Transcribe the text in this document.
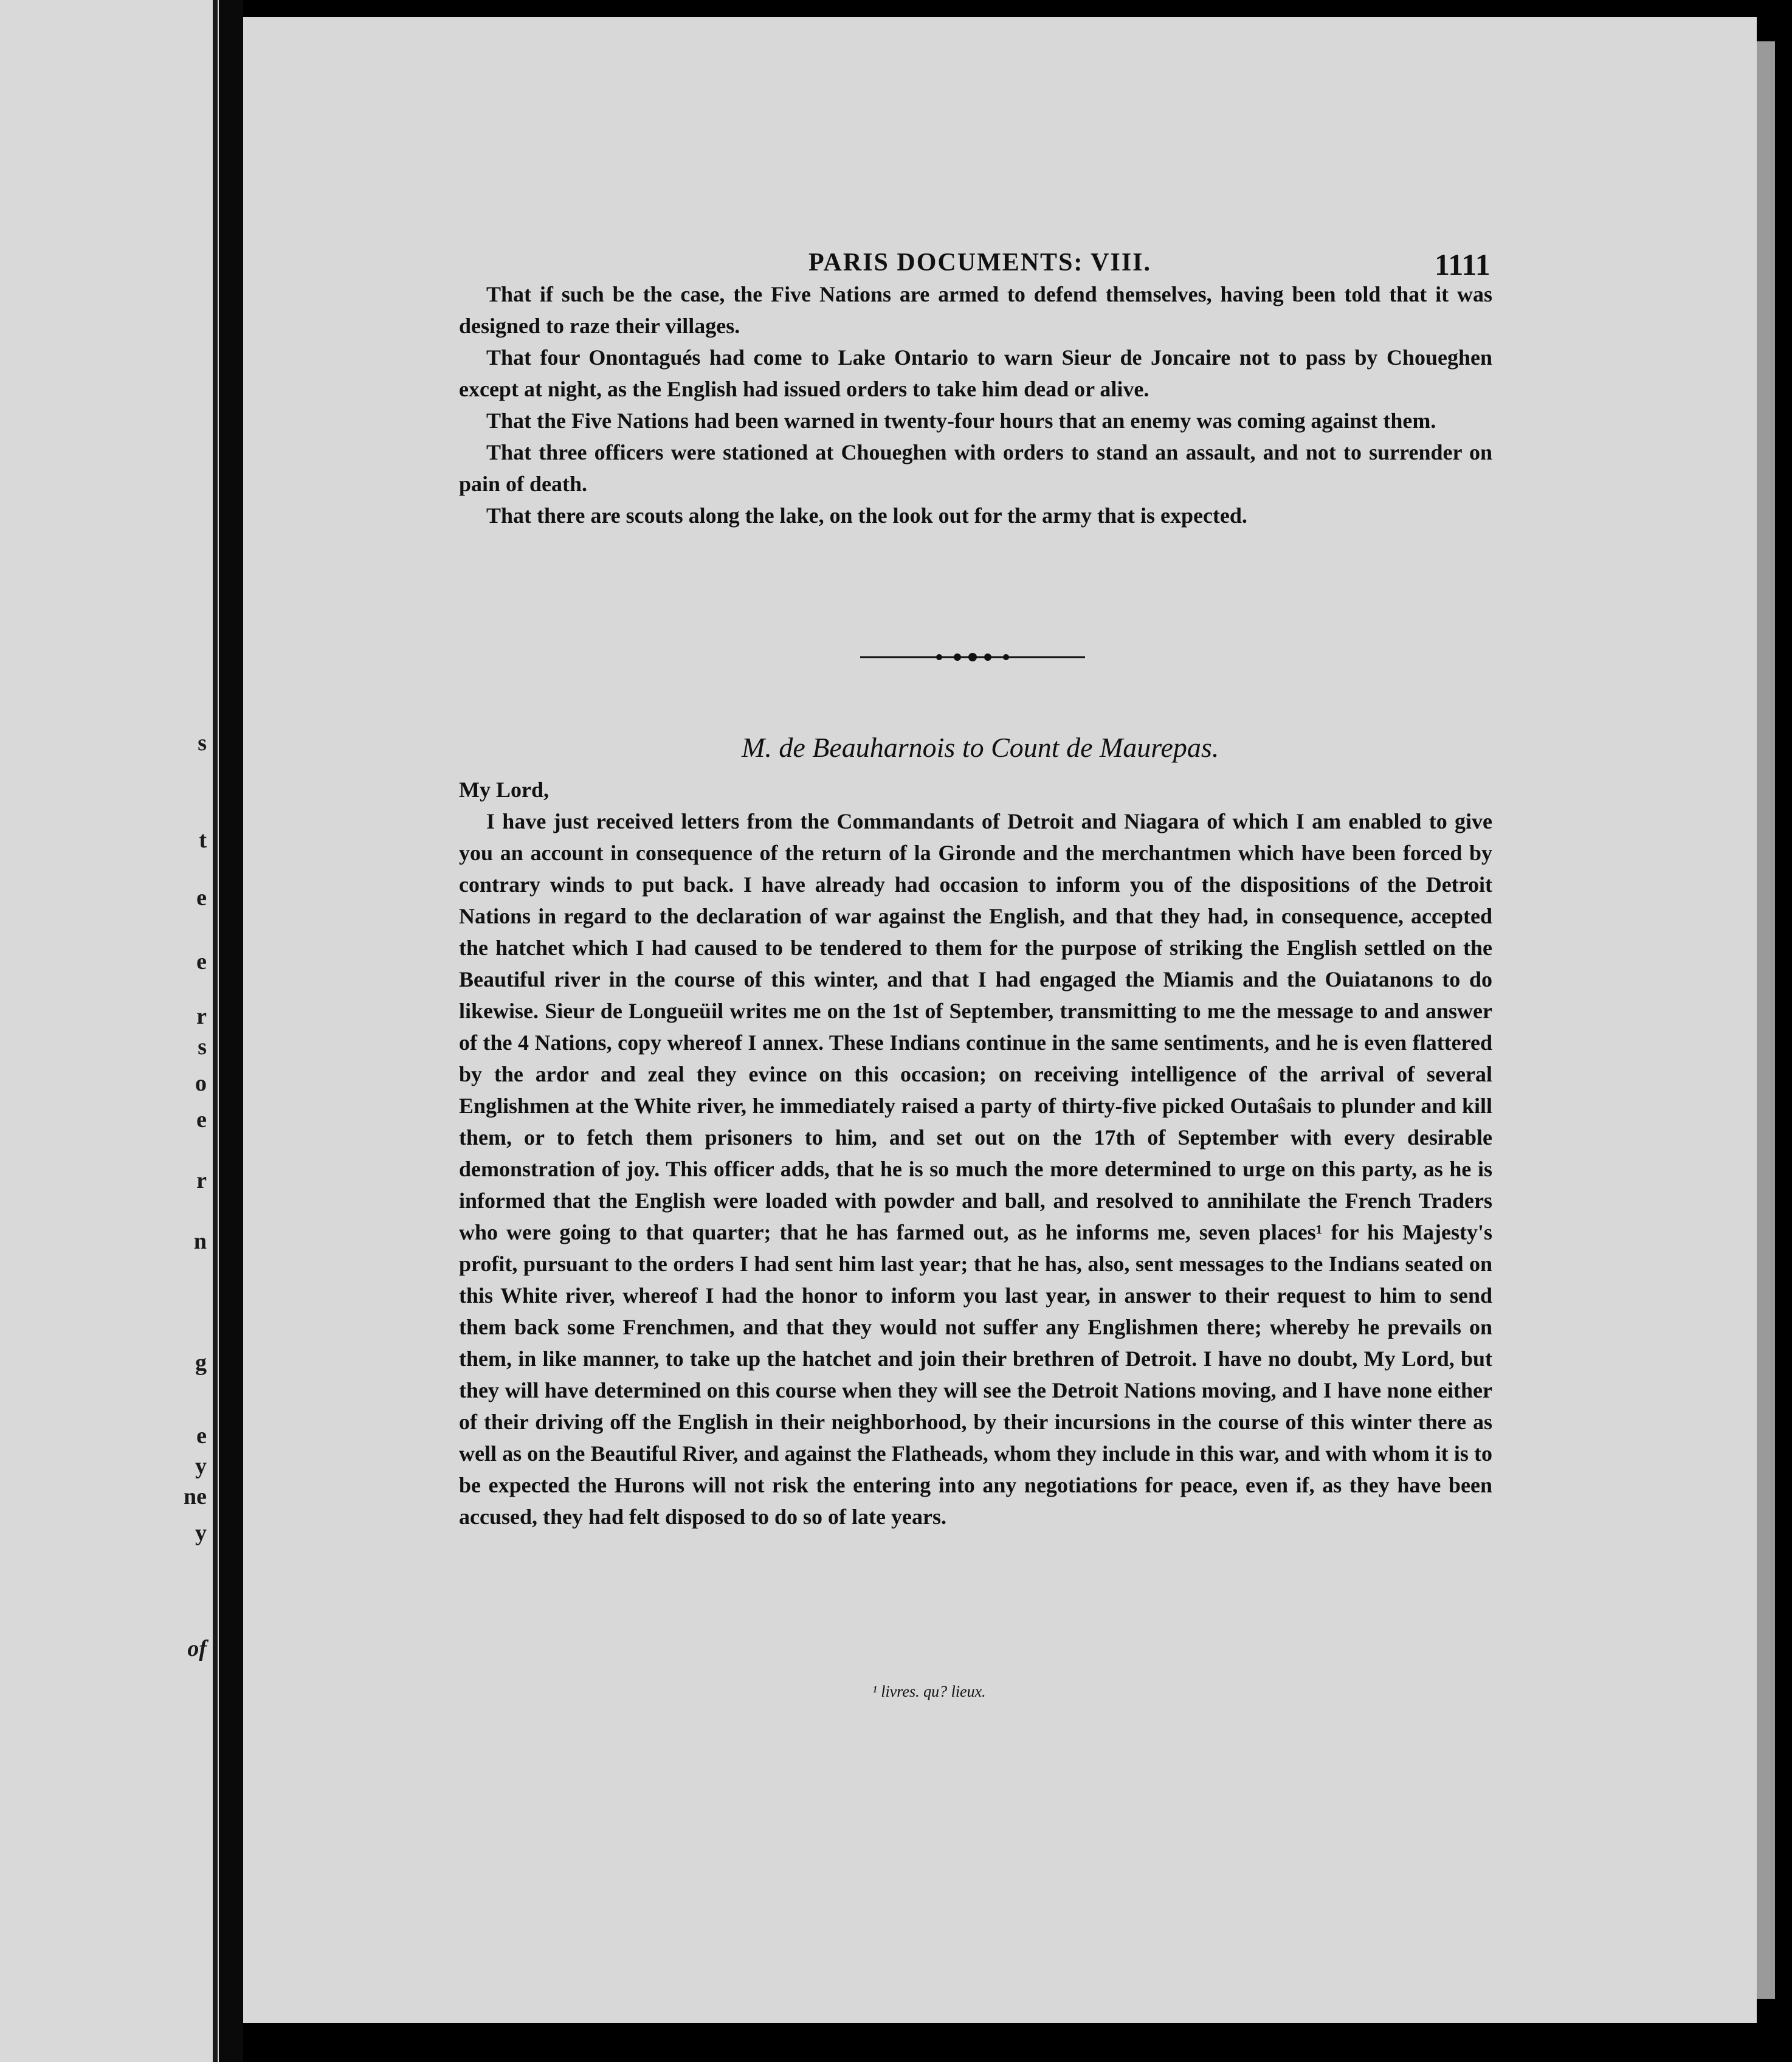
s
t
e
e
r
s
o
e
r
n
g
e
y
ne
y
of
PARIS DOCUMENTS: VIII.	1111

That if such be the case, the Five Nations are armed to defend themselves, having been told that it was designed to raze their villages.

That four Onontagués had come to Lake Ontario to warn Sieur de Joncaire not to pass by Choueghen except at night, as the English had issued orders to take him dead or alive.

That the Five Nations had been warned in twenty-four hours that an enemy was coming against them.

That three officers were stationed at Choueghen with orders to stand an assault, and not to surrender on pain of death.

That there are scouts along the lake, on the look out for the army that is expected.

M. de Beauharnois to Count de Maurepas.

My Lord,

I have just received letters from the Commandants of Detroit and Niagara of which I am enabled to give you an account in consequence of the return of la Gironde and the merchantmen which have been forced by contrary winds to put back. I have already had occasion to inform you of the dispositions of the Detroit Nations in regard to the declaration of war against the English, and that they had, in consequence, accepted the hatchet which I had caused to be tendered to them for the purpose of striking the English settled on the Beautiful river in the course of this winter, and that I had engaged the Miamis and the Ouiatanons to do likewise. Sieur de Longueüil writes me on the 1st of September, transmitting to me the message to and answer of the 4 Nations, copy whereof I annex. These Indians continue in the same sentiments, and he is even flattered by the ardor and zeal they evince on this occasion; on receiving intelligence of the arrival of several Englishmen at the White river, he immediately raised a party of thirty-five picked Outaŝais to plunder and kill them, or to fetch them prisoners to him, and set out on the 17th of September with every desirable demonstration of joy. This officer adds, that he is so much the more determined to urge on this party, as he is informed that the English were loaded with powder and ball, and resolved to annihilate the French Traders who were going to that quarter; that he has farmed out, as he informs me, seven places¹ for his Majesty's profit, pursuant to the orders I had sent him last year; that he has, also, sent messages to the Indians seated on this White river, whereof I had the honor to inform you last year, in answer to their request to him to send them back some Frenchmen, and that they would not suffer any Englishmen there; whereby he prevails on them, in like manner, to take up the hatchet and join their brethren of Detroit. I have no doubt, My Lord, but they will have determined on this course when they will see the Detroit Nations moving, and I have none either of their driving off the English in their neighborhood, by their incursions in the course of this winter there as well as on the Beautiful River, and against the Flatheads, whom they include in this war, and with whom it is to be expected the Hurons will not risk the entering into any negotiations for peace, even if, as they have been accused, they had felt disposed to do so of late years.

¹ livres. qu? lieux.
